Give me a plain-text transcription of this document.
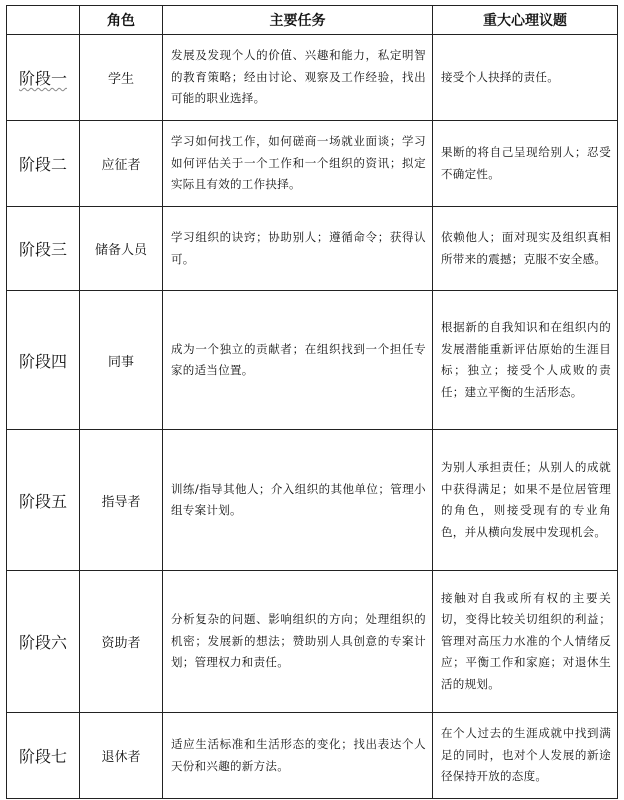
	角色	主要任务	重大心理议题
阶段一	学生	发展及发现个人的价值、兴趣和能力，私定明智的教育策略；经由讨论、观察及工作经验，找出可能的职业选择。	接受个人抉择的责任。
阶段二	应征者	学习如何找工作，如何磋商一场就业面谈；学习如何评估关于一个工作和一个组织的资讯；拟定实际且有效的工作抉择。	果断的将自己呈现给别人；忍受不确定性。
阶段三	储备人员	学习组织的诀窍；协助别人；遵循命令；获得认可。	依赖他人；面对现实及组织真相所带来的震撼；克服不安全感。
阶段四	同事	成为一个独立的贡献者；在组织找到一个担任专家的适当位置。	根据新的自我知识和在组织内的发展潜能重新评估原始的生涯目标；独立；接受个人成败的责任；建立平衡的生活形态。
阶段五	指导者	训练/指导其他人；介入组织的其他单位；管理小组专案计划。	为别人承担责任；从别人的成就中获得满足；如果不是位居管理的角色，则接受现有的专业角色，并从横向发展中发现机会。
阶段六	资助者	分析复杂的问题、影响组织的方向；处理组织的机密；发展新的想法；赞助别人具创意的专案计划；管理权力和责任。	接触对自我或所有权的主要关切，变得比较关切组织的利益；管理对高压力水准的个人情绪反应；平衡工作和家庭；对退休生活的规划。
阶段七	退休者	适应生活标准和生活形态的变化；找出表达个人天份和兴趣的新方法。	在个人过去的生涯成就中找到满足的同时，也对个人发展的新途径保持开放的态度。
